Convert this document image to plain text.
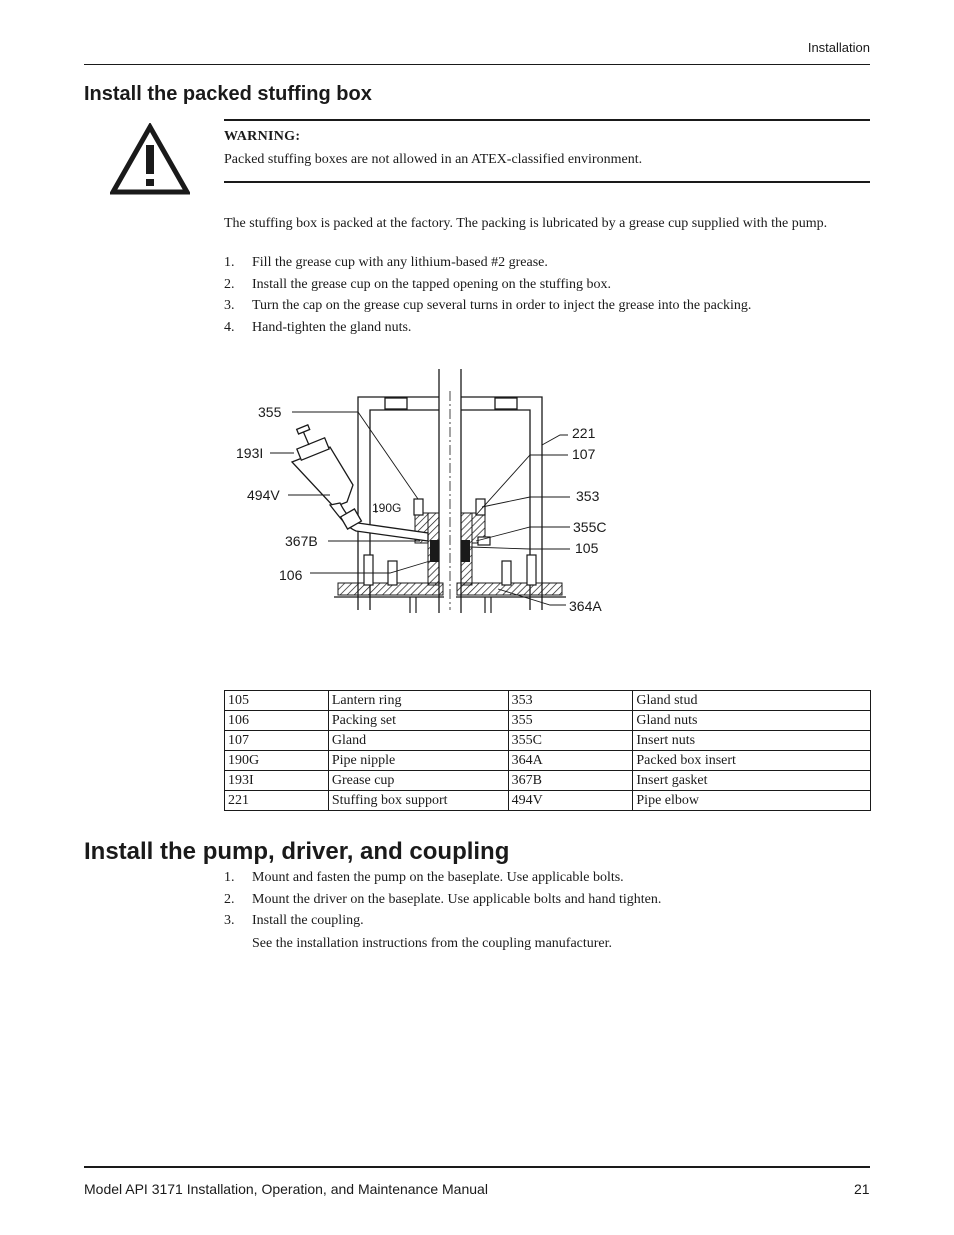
Installation
Install the packed stuffing box
WARNING:
Packed stuffing boxes are not allowed in an ATEX-classified environment.
The stuffing box is packed at the factory. The packing is lubricated by a grease cup supplied with the pump.
1. Fill the grease cup with any lithium-based #2 grease.
2. Install the grease cup on the tapped opening on the stuffing box.
3. Turn the cap on the grease cup several turns in order to inject the grease into the packing.
4. Hand-tighten the gland nuts.
355
193I
494V
190G
367B
106
221
107
353
355C
105
364A
105	Lantern ring	353	Gland stud
106	Packing set	355	Gland nuts
107	Gland	355C	Insert nuts
190G	Pipe nipple	364A	Packed box insert
193I	Grease cup	367B	Insert gasket
221	Stuffing box support	494V	Pipe elbow
Install the pump, driver, and coupling
1. Mount and fasten the pump on the baseplate. Use applicable bolts.
2. Mount the driver on the baseplate. Use applicable bolts and hand tighten.
3. Install the coupling.
See the installation instructions from the coupling manufacturer.
Model API 3171 Installation, Operation, and Maintenance Manual	21
